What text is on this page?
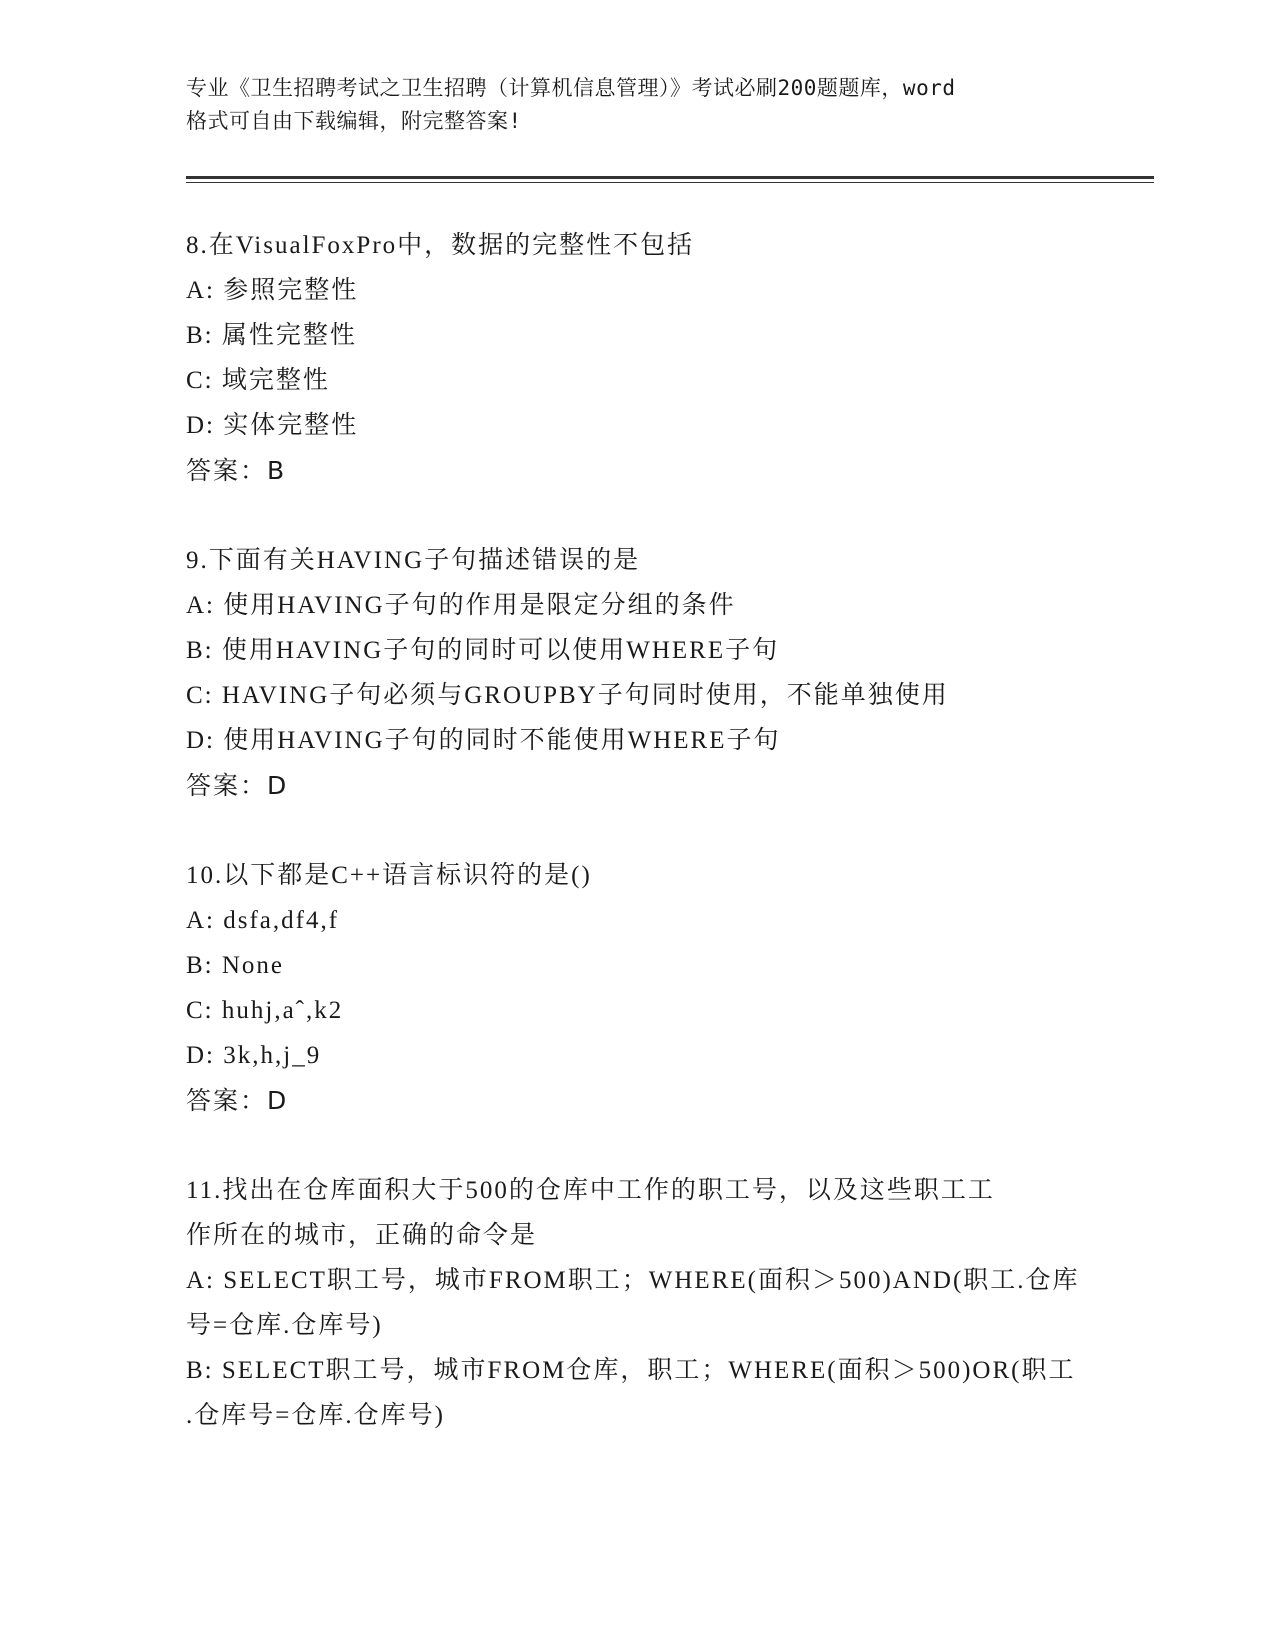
专业《卫生招聘考试之卫生招聘（计算机信息管理）》考试必刷200题题库，word
格式可自由下载编辑，附完整答案!
8.在VisualFoxPro中，数据的完整性不包括
A: 参照完整性
B: 属性完整性
C: 域完整性
D: 实体完整性
答案：B
9.下面有关HAVING子句描述错误的是
A: 使用HAVING子句的作用是限定分组的条件
B: 使用HAVING子句的同时可以使用WHERE子句
C: HAVING子句必须与GROUPBY子句同时使用，不能单独使用
D: 使用HAVING子句的同时不能使用WHERE子句
答案：D
10.以下都是C++语言标识符的是()
A: dsfa,df4,f
B: None
C: huhj,aˆ,k2
D: 3k,h,j_9
答案：D
11.找出在仓库面积大于500的仓库中工作的职工号，以及这些职工工
作所在的城市，正确的命令是
A: SELECT职工号，城市FROM职工；WHERE(面积＞500)AND(职工.仓库
号=仓库.仓库号)
B: SELECT职工号，城市FROM仓库，职工；WHERE(面积＞500)OR(职工
.仓库号=仓库.仓库号)
